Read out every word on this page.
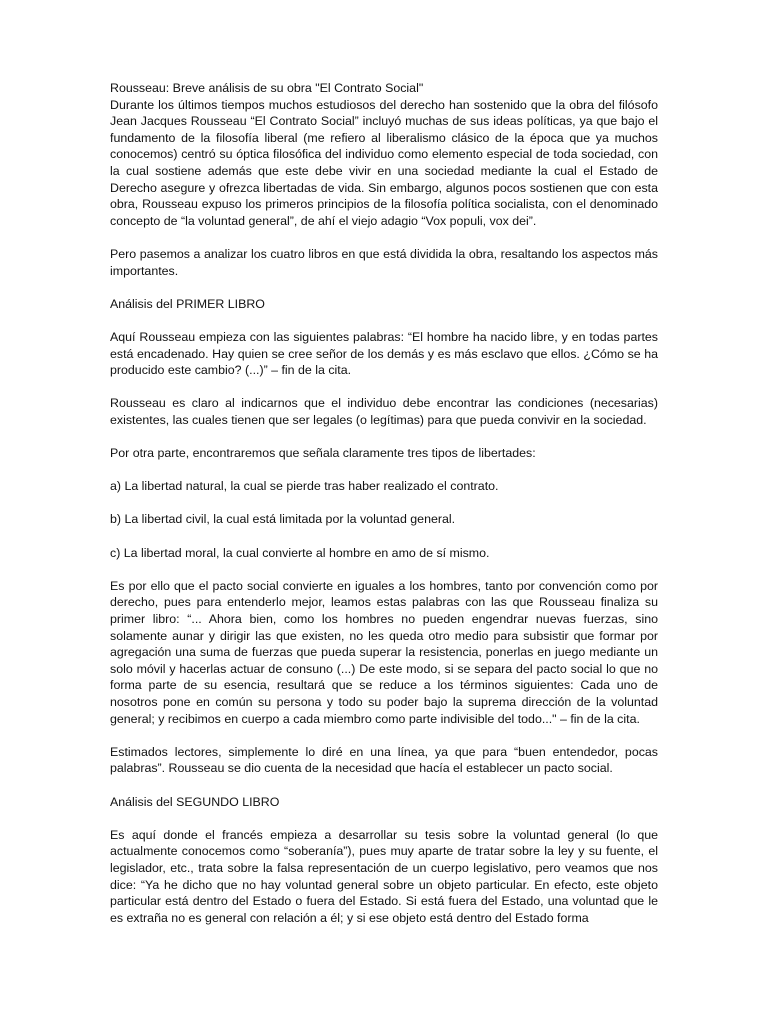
Rousseau: Breve análisis de su obra "El Contrato Social"
Durante los últimos tiempos muchos estudiosos del derecho han sostenido que la obra del filósofo Jean Jacques Rousseau “El Contrato Social” incluyó muchas de sus ideas políticas, ya que bajo el fundamento de la filosofía liberal (me refiero al liberalismo clásico de la época que ya muchos conocemos) centró su óptica filosófica del individuo como elemento especial de toda sociedad, con la cual sostiene además que este debe vivir en una sociedad mediante la cual el Estado de Derecho asegure y ofrezca libertadas de vida. Sin embargo, algunos pocos sostienen que con esta obra, Rousseau expuso los primeros principios de la filosofía política socialista, con el denominado concepto de “la voluntad general”, de ahí el viejo adagio “Vox populi, vox dei”.

Pero pasemos a analizar los cuatro libros en que está dividida la obra, resaltando los aspectos más importantes.

Análisis del PRIMER LIBRO

Aquí Rousseau empieza con las siguientes palabras: “El hombre ha nacido libre, y en todas partes está encadenado. Hay quien se cree señor de los demás y es más esclavo que ellos. ¿Cómo se ha producido este cambio? (...)” – fin de la cita.

Rousseau es claro al indicarnos que el individuo debe encontrar las condiciones (necesarias) existentes, las cuales tienen que ser legales (o legítimas) para que pueda convivir en la sociedad.

Por otra parte, encontraremos que señala claramente tres tipos de libertades:

a) La libertad natural, la cual se pierde tras haber realizado el contrato.

b) La libertad civil, la cual está limitada por la voluntad general.

c) La libertad moral, la cual convierte al hombre en amo de sí mismo.

Es por ello que el pacto social convierte en iguales a los hombres, tanto por convención como por derecho, pues para entenderlo mejor, leamos estas palabras con las que Rousseau finaliza su primer libro: “... Ahora bien, como los hombres no pueden engendrar nuevas fuerzas, sino solamente aunar y dirigir las que existen, no les queda otro medio para subsistir que formar por agregación una suma de fuerzas que pueda superar la resistencia, ponerlas en juego mediante un solo móvil y hacerlas actuar de consuno (...) De este modo, si se separa del pacto social lo que no forma parte de su esencia, resultará que se reduce a los términos siguientes: Cada uno de nosotros pone en común su persona y todo su poder bajo la suprema dirección de la voluntad general; y recibimos en cuerpo a cada miembro como parte indivisible del todo..." – fin de la cita.

Estimados lectores, simplemente lo diré en una línea, ya que para “buen entendedor, pocas palabras”. Rousseau se dio cuenta de la necesidad que hacía el establecer un pacto social.

Análisis del SEGUNDO LIBRO

Es aquí donde el francés empieza a desarrollar su tesis sobre la voluntad general (lo que actualmente conocemos como “soberanía”), pues muy aparte de tratar sobre la ley y su fuente, el legislador, etc., trata sobre la falsa representación de un cuerpo legislativo, pero veamos que nos dice: “Ya he dicho que no hay voluntad general sobre un objeto particular. En efecto, este objeto particular está dentro del Estado o fuera del Estado. Si está fuera del Estado, una voluntad que le es extraña no es general con relación a él; y si ese objeto está dentro del Estado forma
